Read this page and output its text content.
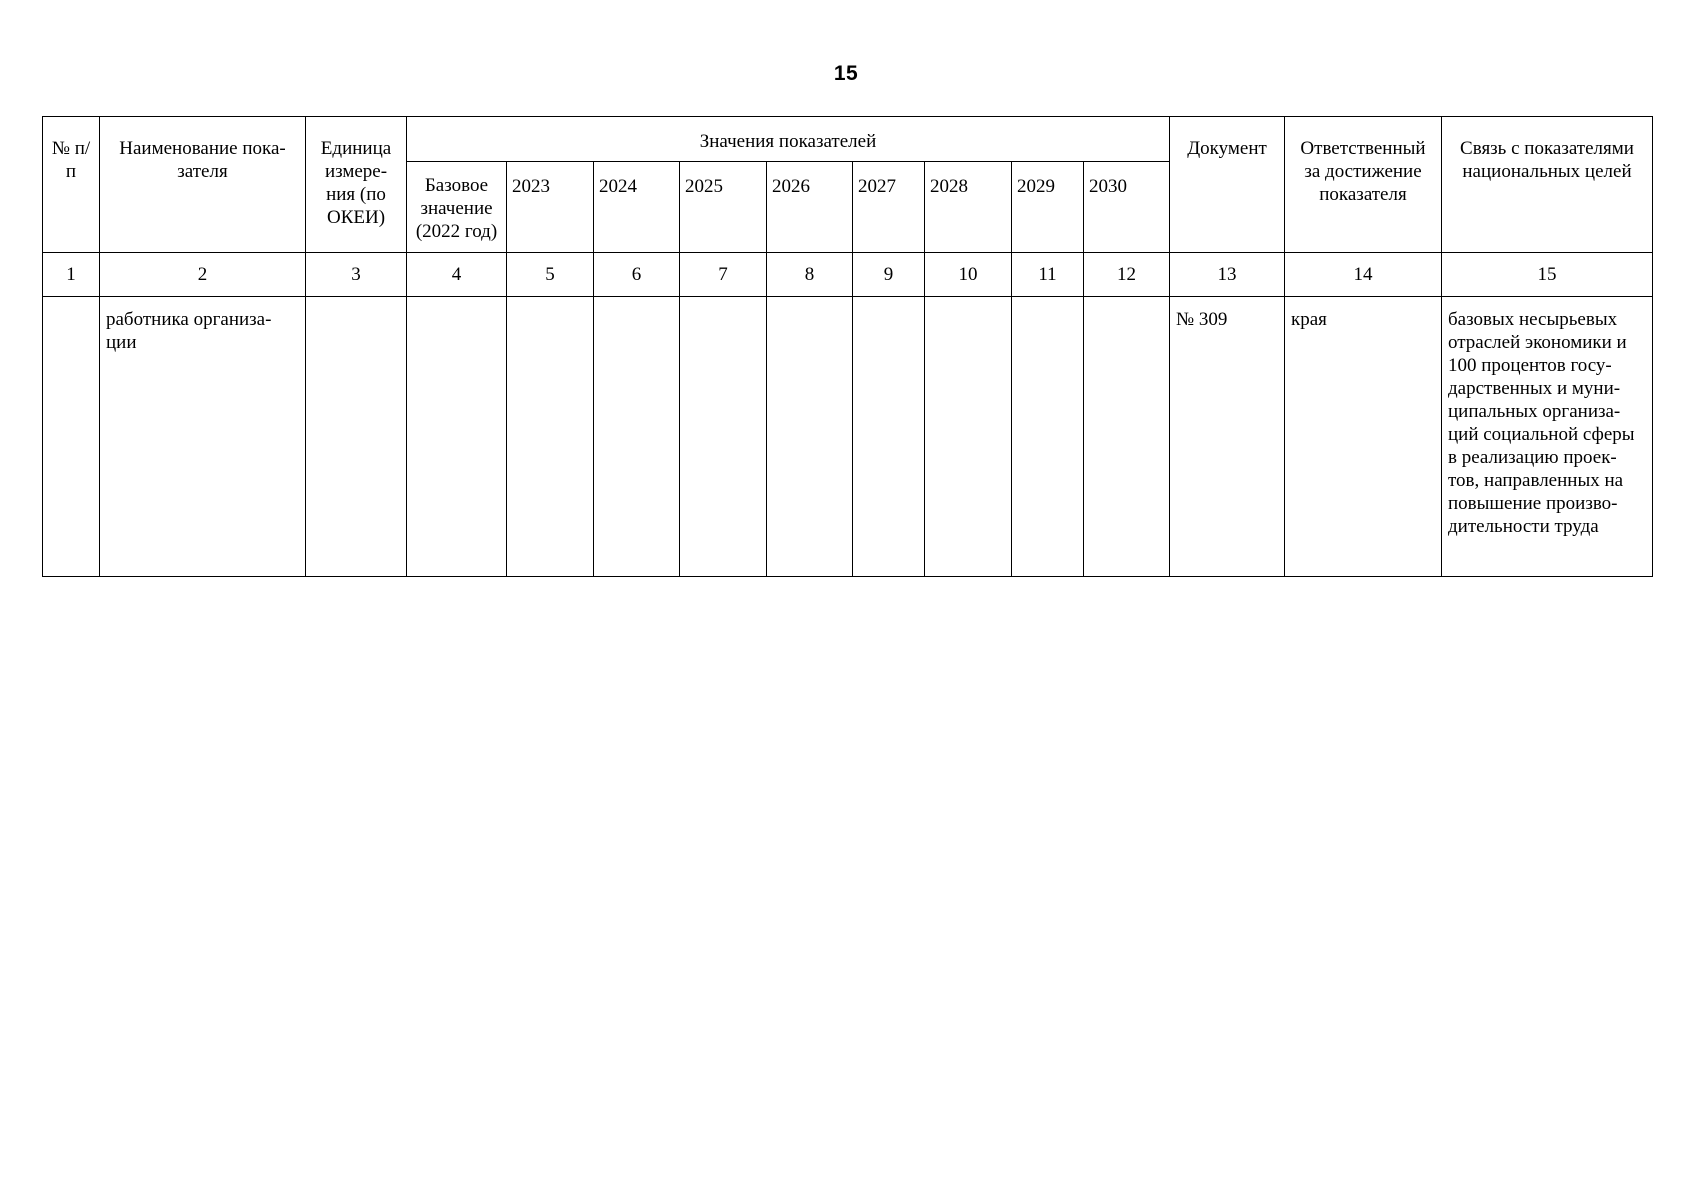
15
№ п/п	Наименование пока-зателя	Единица измере-ния (по ОКЕИ)	Значения показателей									Документ	Ответственный за достижение показателя	Связь с показателями национальных целей

			Базовое значение (2022 год)	2023	2024	2025	2026	2027	2028	2029	2030			

1	2	3	4	5	6	7	8	9	10	11	12	13	14	15

	работника организа-ции											№ 309	края	базовых несырьевых отраслей экономики и 100 процентов госу-дарственных и муни-ципальных организа-ций социальной сферы в реализацию проек-тов, направленных на повышение произво-дительности труда
